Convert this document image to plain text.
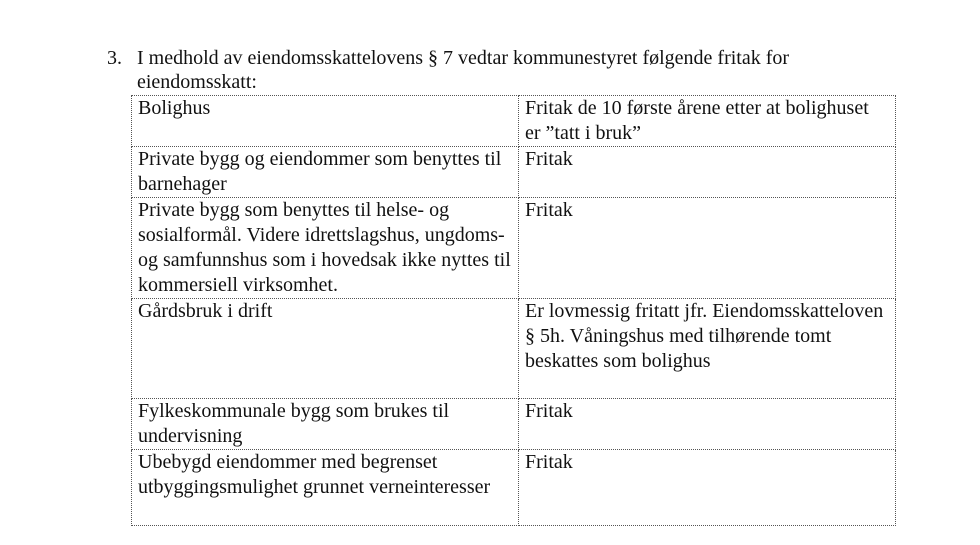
3. I medhold av eiendomsskattelovens § 7 vedtar kommunestyret følgende fritak for eiendomsskatt:
Bolighus	Fritak de 10 første årene etter at bolighuset er ”tatt i bruk”
Private bygg og eiendommer som benyttes til barnehager	Fritak
Private bygg som benyttes til helse- og sosialformål. Videre idrettslagshus, ungdoms- og samfunnshus som i hovedsak ikke nyttes til kommersiell virksomhet.	Fritak
Gårdsbruk i drift	Er lovmessig fritatt jfr. Eiendomsskatteloven § 5h. Våningshus med tilhørende tomt beskattes som bolighus
Fylkeskommunale bygg som brukes til undervisning	Fritak
Ubebygd eiendommer med begrenset utbyggingsmulighet grunnet verneinteresser	Fritak
